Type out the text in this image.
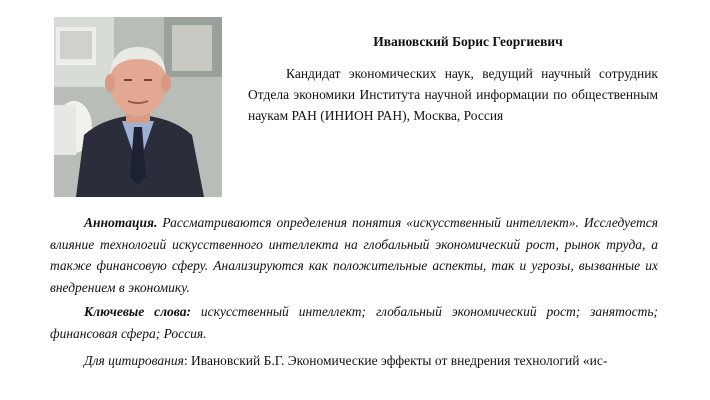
Ивановский Борис Георгиевич

Кандидат экономических наук, ведущий научный сотрудник Отдела экономики Института научной информации по общественным наукам РАН (ИНИОН РАН), Москва, Россия

Аннотация. Рассматриваются определения понятия «искусственный интеллект». Исследуется влияние технологий искусственного интеллекта на глобальный экономический рост, рынок труда, а также финансовую сферу. Анализируются как положительные аспекты, так и угрозы, вызванные их внедрением в экономику.

Ключевые слова: искусственный интеллект; глобальный экономический рост; занятость; финансовая сфера; Россия.

Для цитирования: Ивановский Б.Г. Экономические эффекты от внедрения технологий «ис-
